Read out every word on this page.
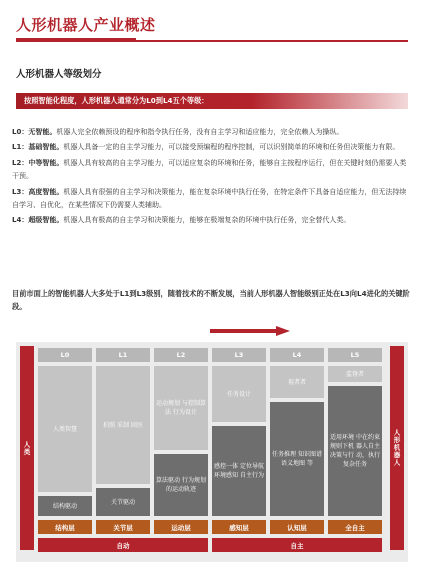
人形机器人产业概述
人形机器人等级划分
按照智能化程度，人形机器人通常分为L0到L4五个等级：

L0：无智能。机器人完全依赖预设的程序和指令执行任务，没有自主学习和适应能力，完全依赖人为操纵。

L1：基础智能。机器人具备一定的自主学习能力，可以接受预编程的程序控制，可以识别简单的环境和任务但决策能力有限。

L2：中等智能。机器人具有较高的自主学习能力，可以适应复杂的环境和任务，能够自主按程序运行，但在关键时刻仍需要人类干预。

L3：高度智能。机器人具有很强的自主学习和决策能力，能在复杂环境中执行任务，在特定条件下具备自适应能力，但无法持续自学习、自优化，在某些情况下仍需要人类辅助。

L4：超级智能。机器人具有极高的自主学习和决策能力，能够在极端复杂的环境中执行任务，完全替代人类。

目前市面上的智能机器人大多处于L1到L3级别，随着技术的不断发展，当前人形机器人智能级别正处在L3向L4进化的关键阶段。
人类	人形机器人
L0	L1	L2	L3	L4	L5
人类智慧
结构驱动
拍照 采制 固医
关节驱动
运动规划 与控制算法 行为设计
算法驱动 行为规划 的运动轨迹
任务设计
感控一体 定位导航 环境感知 自主行为
视者者
任务推理 知识图谱 语义地图 等
监督者
适用环境 中在约束 规则下机 器人自主 决策与行 动，执行 复杂任务
结构层	关节层	运动层	感知层	认知层	全自主
自动	自主
